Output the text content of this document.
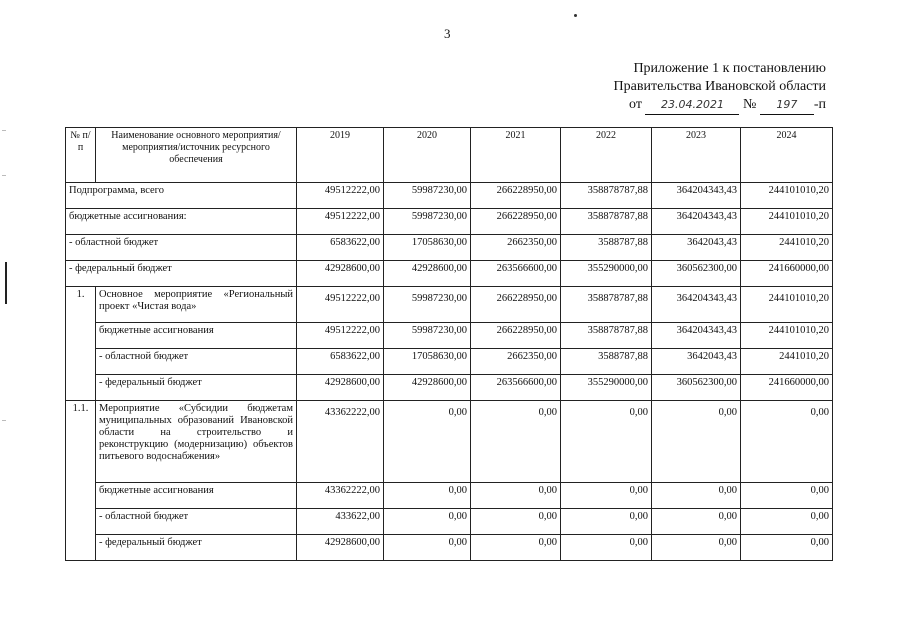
3
Приложение 1 к постановлению
Правительства Ивановской области
от 23.04.2021 № 197 -п
№ п/п	Наименование основного мероприятия/мероприятия/источник ресурсного обеспечения	2019	2020	2021	2022	2023	2024
Подпрограмма, всего		49512222,00	59987230,00	266228950,00	358878787,88	364204343,43	244101010,20
бюджетные ассигнования:		49512222,00	59987230,00	266228950,00	358878787,88	364204343,43	244101010,20
- областной бюджет		6583622,00	17058630,00	2662350,00	3588787,88	3642043,43	2441010,20
- федеральный бюджет		42928600,00	42928600,00	263566600,00	355290000,00	360562300,00	241660000,00
1.	Основное мероприятие «Региональный проект «Чистая вода»	49512222,00	59987230,00	266228950,00	358878787,88	364204343,43	244101010,20
	бюджетные ассигнования	49512222,00	59987230,00	266228950,00	358878787,88	364204343,43	244101010,20
	- областной бюджет	6583622,00	17058630,00	2662350,00	3588787,88	3642043,43	2441010,20
	- федеральный бюджет	42928600,00	42928600,00	263566600,00	355290000,00	360562300,00	241660000,00
1.1.	Мероприятие «Субсидии бюджетам муниципальных образований Ивановской области на строительство и реконструкцию (модернизацию) объектов питьевого водоснабжения»	43362222,00	0,00	0,00	0,00	0,00	0,00
	бюджетные ассигнования	43362222,00	0,00	0,00	0,00	0,00	0,00
	- областной бюджет	433622,00	0,00	0,00	0,00	0,00	0,00
	- федеральный бюджет	42928600,00	0,00	0,00	0,00	0,00	0,00
